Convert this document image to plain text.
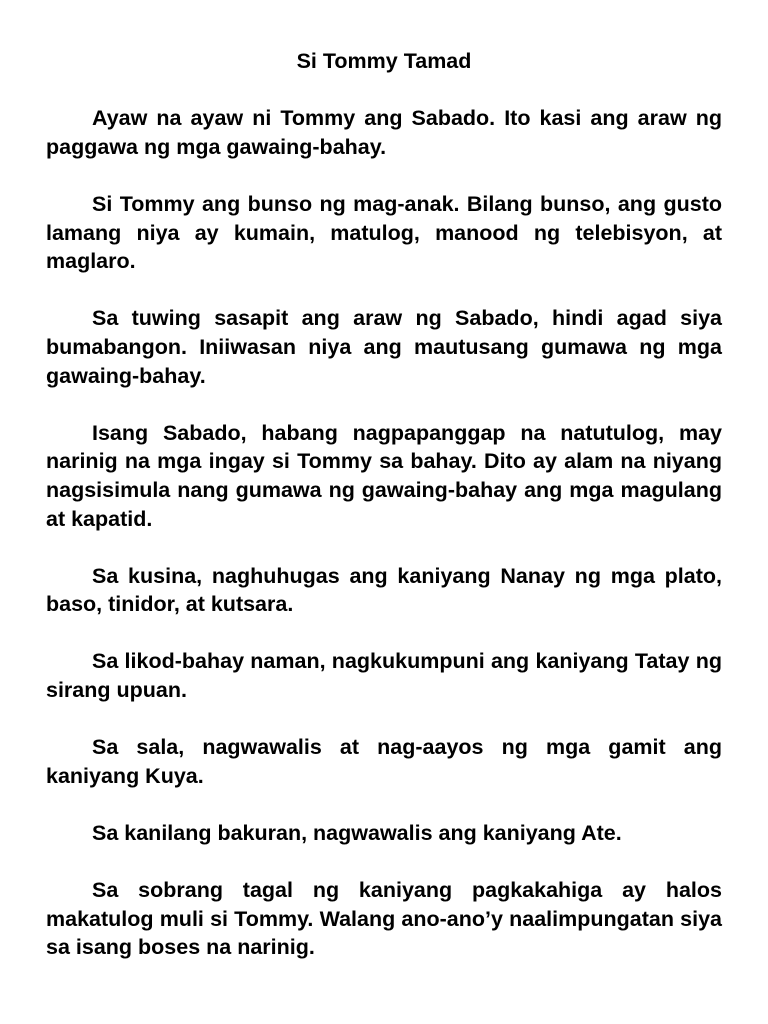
Si Tommy Tamad

Ayaw na ayaw ni Tommy ang Sabado. Ito kasi ang araw ng paggawa ng mga gawaing-bahay.

Si Tommy ang bunso ng mag-anak. Bilang bunso, ang gusto lamang niya ay kumain, matulog, manood ng telebisyon, at maglaro.

Sa tuwing sasapit ang araw ng Sabado, hindi agad siya bumabangon. Iniiwasan niya ang mautusang gumawa ng mga gawaing-bahay.

Isang Sabado, habang nagpapanggap na natutulog, may narinig na mga ingay si Tommy sa bahay. Dito ay alam na niyang nagsisimula nang gumawa ng gawaing-bahay ang mga magulang at kapatid.

Sa kusina, naghuhugas ang kaniyang Nanay ng mga plato, baso, tinidor, at kutsara.

Sa likod-bahay naman, nagkukumpuni ang kaniyang Tatay ng sirang upuan.

Sa sala, nagwawalis at nag-aayos ng mga gamit ang kaniyang Kuya.

Sa kanilang bakuran, nagwawalis ang kaniyang Ate.

Sa sobrang tagal ng kaniyang pagkakahiga ay halos makatulog muli si Tommy. Walang ano-ano’y naalimpungatan siya sa isang boses na narinig.
